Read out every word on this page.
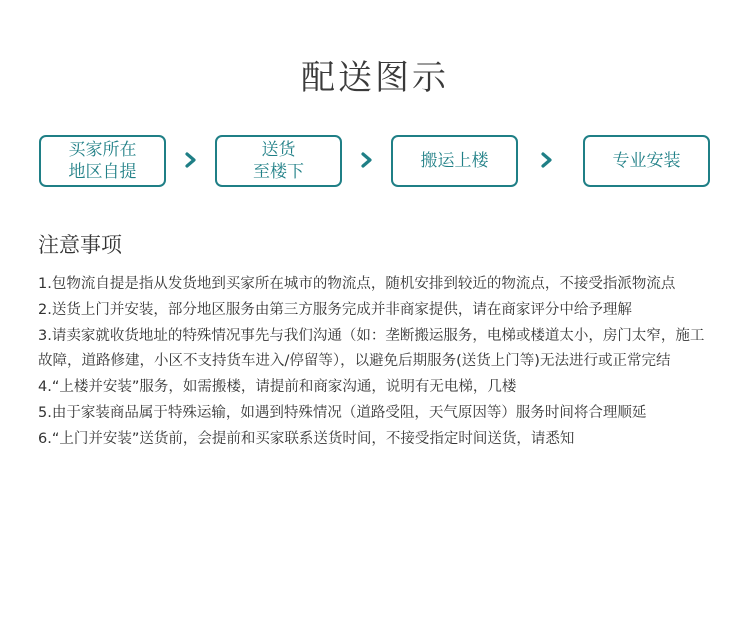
配送图示
买家所在
地区自提
送货
至楼下
搬运上楼	专业安装
注意事项

1.包物流自提是指从发货地到买家所在城市的物流点，随机安排到较近的物流点，不接受指派物流点

2.送货上门并安装，部分地区服务由第三方服务完成并非商家提供，请在商家评分中给予理解

3.请卖家就收货地址的特殊情况事先与我们沟通（如：垄断搬运服务，电梯或楼道太小，房门太窄，施工故障，道路修建，小区不支持货车进入/停留等），以避免后期服务(送货上门等)无法进行或正常完结

4.“上楼并安装”服务，如需搬楼，请提前和商家沟通，说明有无电梯，几楼

5.由于家装商品属于特殊运输，如遇到特殊情况（道路受阻，天气原因等）服务时间将合理顺延

6.“上门并安装”送货前，会提前和买家联系送货时间，不接受指定时间送货，请悉知
